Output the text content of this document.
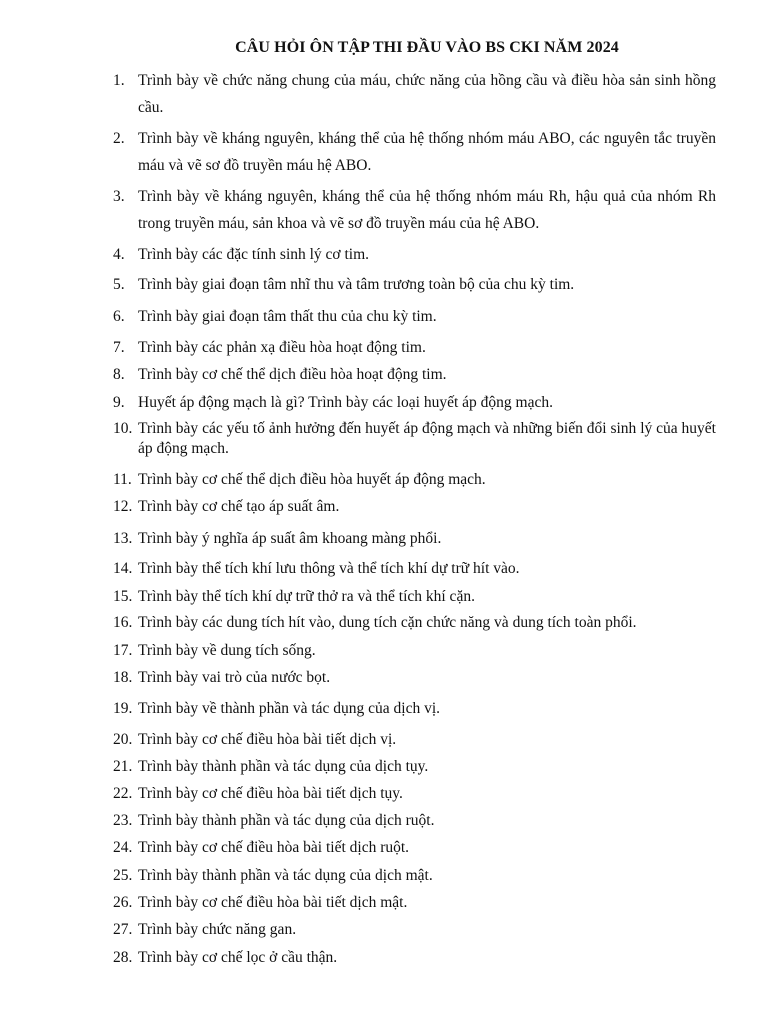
CÂU HỎI ÔN TẬP THI ĐẦU VÀO BS CKI NĂM 2024
1. Trình bày về chức năng chung của máu, chức năng của hồng cầu và điều hòa sản sinh hồng cầu.
2. Trình bày về kháng nguyên, kháng thể của hệ thống nhóm máu ABO, các nguyên tắc truyền máu và vẽ sơ đồ truyền máu hệ ABO.
3. Trình bày về kháng nguyên, kháng thể của hệ thống nhóm máu Rh, hậu quả của nhóm Rh trong truyền máu, sản khoa và vẽ sơ đồ truyền máu của hệ ABO.
4. Trình bày các đặc tính sinh lý cơ tim.
5. Trình bày giai đoạn tâm nhĩ thu và tâm trương toàn bộ của chu kỳ tim.
6. Trình bày giai đoạn tâm thất thu của chu kỳ tim.
7. Trình bày các phản xạ điều hòa hoạt động tim.
8. Trình bày cơ chế thể dịch điều hòa hoạt động tim.
9. Huyết áp động mạch là gì? Trình bày các loại huyết áp động mạch.
10. Trình bày các yếu tố ảnh hưởng đến huyết áp động mạch và những biến đổi sinh lý của huyết áp động mạch.
11. Trình bày cơ chế thể dịch điều hòa huyết áp động mạch.
12. Trình bày cơ chế tạo áp suất âm.
13. Trình bày ý nghĩa áp suất âm khoang màng phổi.
14. Trình bày thể tích khí lưu thông và thể tích khí dự trữ hít vào.
15. Trình bày thể tích khí dự trữ thở ra và thể tích khí cặn.
16. Trình bày các dung tích hít vào, dung tích cặn chức năng và dung tích toàn phổi.
17. Trình bày về dung tích sống.
18. Trình bày vai trò của nước bọt.
19. Trình bày về thành phần và tác dụng của dịch vị.
20. Trình bày cơ chế điều hòa bài tiết dịch vị.
21. Trình bày thành phần và tác dụng của dịch tụy.
22. Trình bày cơ chế điều hòa bài tiết dịch tụy.
23. Trình bày thành phần và tác dụng của dịch ruột.
24. Trình bày cơ chế điều hòa bài tiết dịch ruột.
25. Trình bày thành phần và tác dụng của dịch mật.
26. Trình bày cơ chế điều hòa bài tiết dịch mật.
27. Trình bày chức năng gan.
28. Trình bày cơ chế lọc ở cầu thận.
